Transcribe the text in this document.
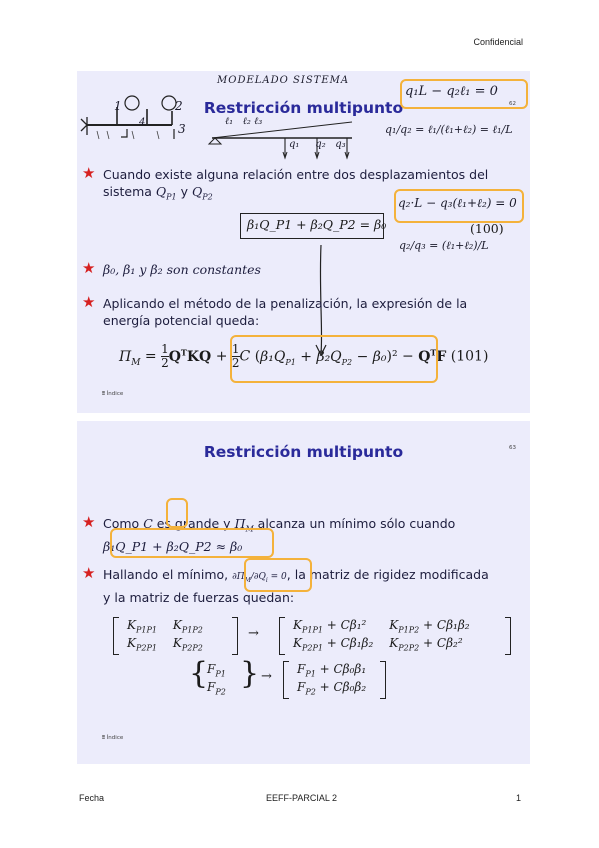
Confidencial
1	2
3
4
MODELADO SISTEMA
Restricción multipunto	62
q₁L − q₂ℓ₁ = 0
ℓ₁   ℓ₂ ℓ₃
q₁     q₂   q₃
q₁/q₂ = ℓ₁/(ℓ₁+ℓ₂) = ℓ₁/L
★ Cuando existe alguna relación entre dos desplazamientos del
sistema $Q_{P1}$ y $Q_{P2}$
β₁Q_P1 + β₂Q_P2 = β₀
q₂·L − q₃(ℓ₁+ℓ₂) = 0
(100)
q₂/q₃ = (ℓ₁+ℓ₂)/L
★ β₀, β₁ y β₂ son constantes
★ Aplicando el método de la penalización, la expresión de la
energía potencial queda:
$\Pi_M = 1$
$2Q^TKQ + 1$
2C $(\beta_1Q_{P1} + \beta_2Q_{P2} - \beta_0)^2 - Q^TF$ (101)
⩩ Índice
Restricción multipunto	63
★ Como C es grande y $\Pi_M$ alcanza un mínimo sólo cuando
β₁Q_P1 + β₂Q_P2 ≈ β₀
★ Hallando el mínimo, $\partial\Pi_M/\partial Q_i = 0$, la matriz de rigidez modificada
y la matriz de fuerzas quedan:
$K_{P1P1}$	$K_{P1P2}$
$K_{P2P1}$	$K_{P2P2}$
→
$K_{P1P1} + C\beta_1^2$	$K_{P1P2} + C\beta_1\beta_2$
$K_{P2P1} + C\beta_1\beta_2$	$K_{P2P2} + C\beta_2^2$
{
$F_{P1}$
$F_{P2}$
} → $F_{P1} + C\beta_0\beta_1$
$F_{P2} + C\beta_0\beta_2$
⩩ Índice
Fecha	EEFF-PARCIAL 2	1
